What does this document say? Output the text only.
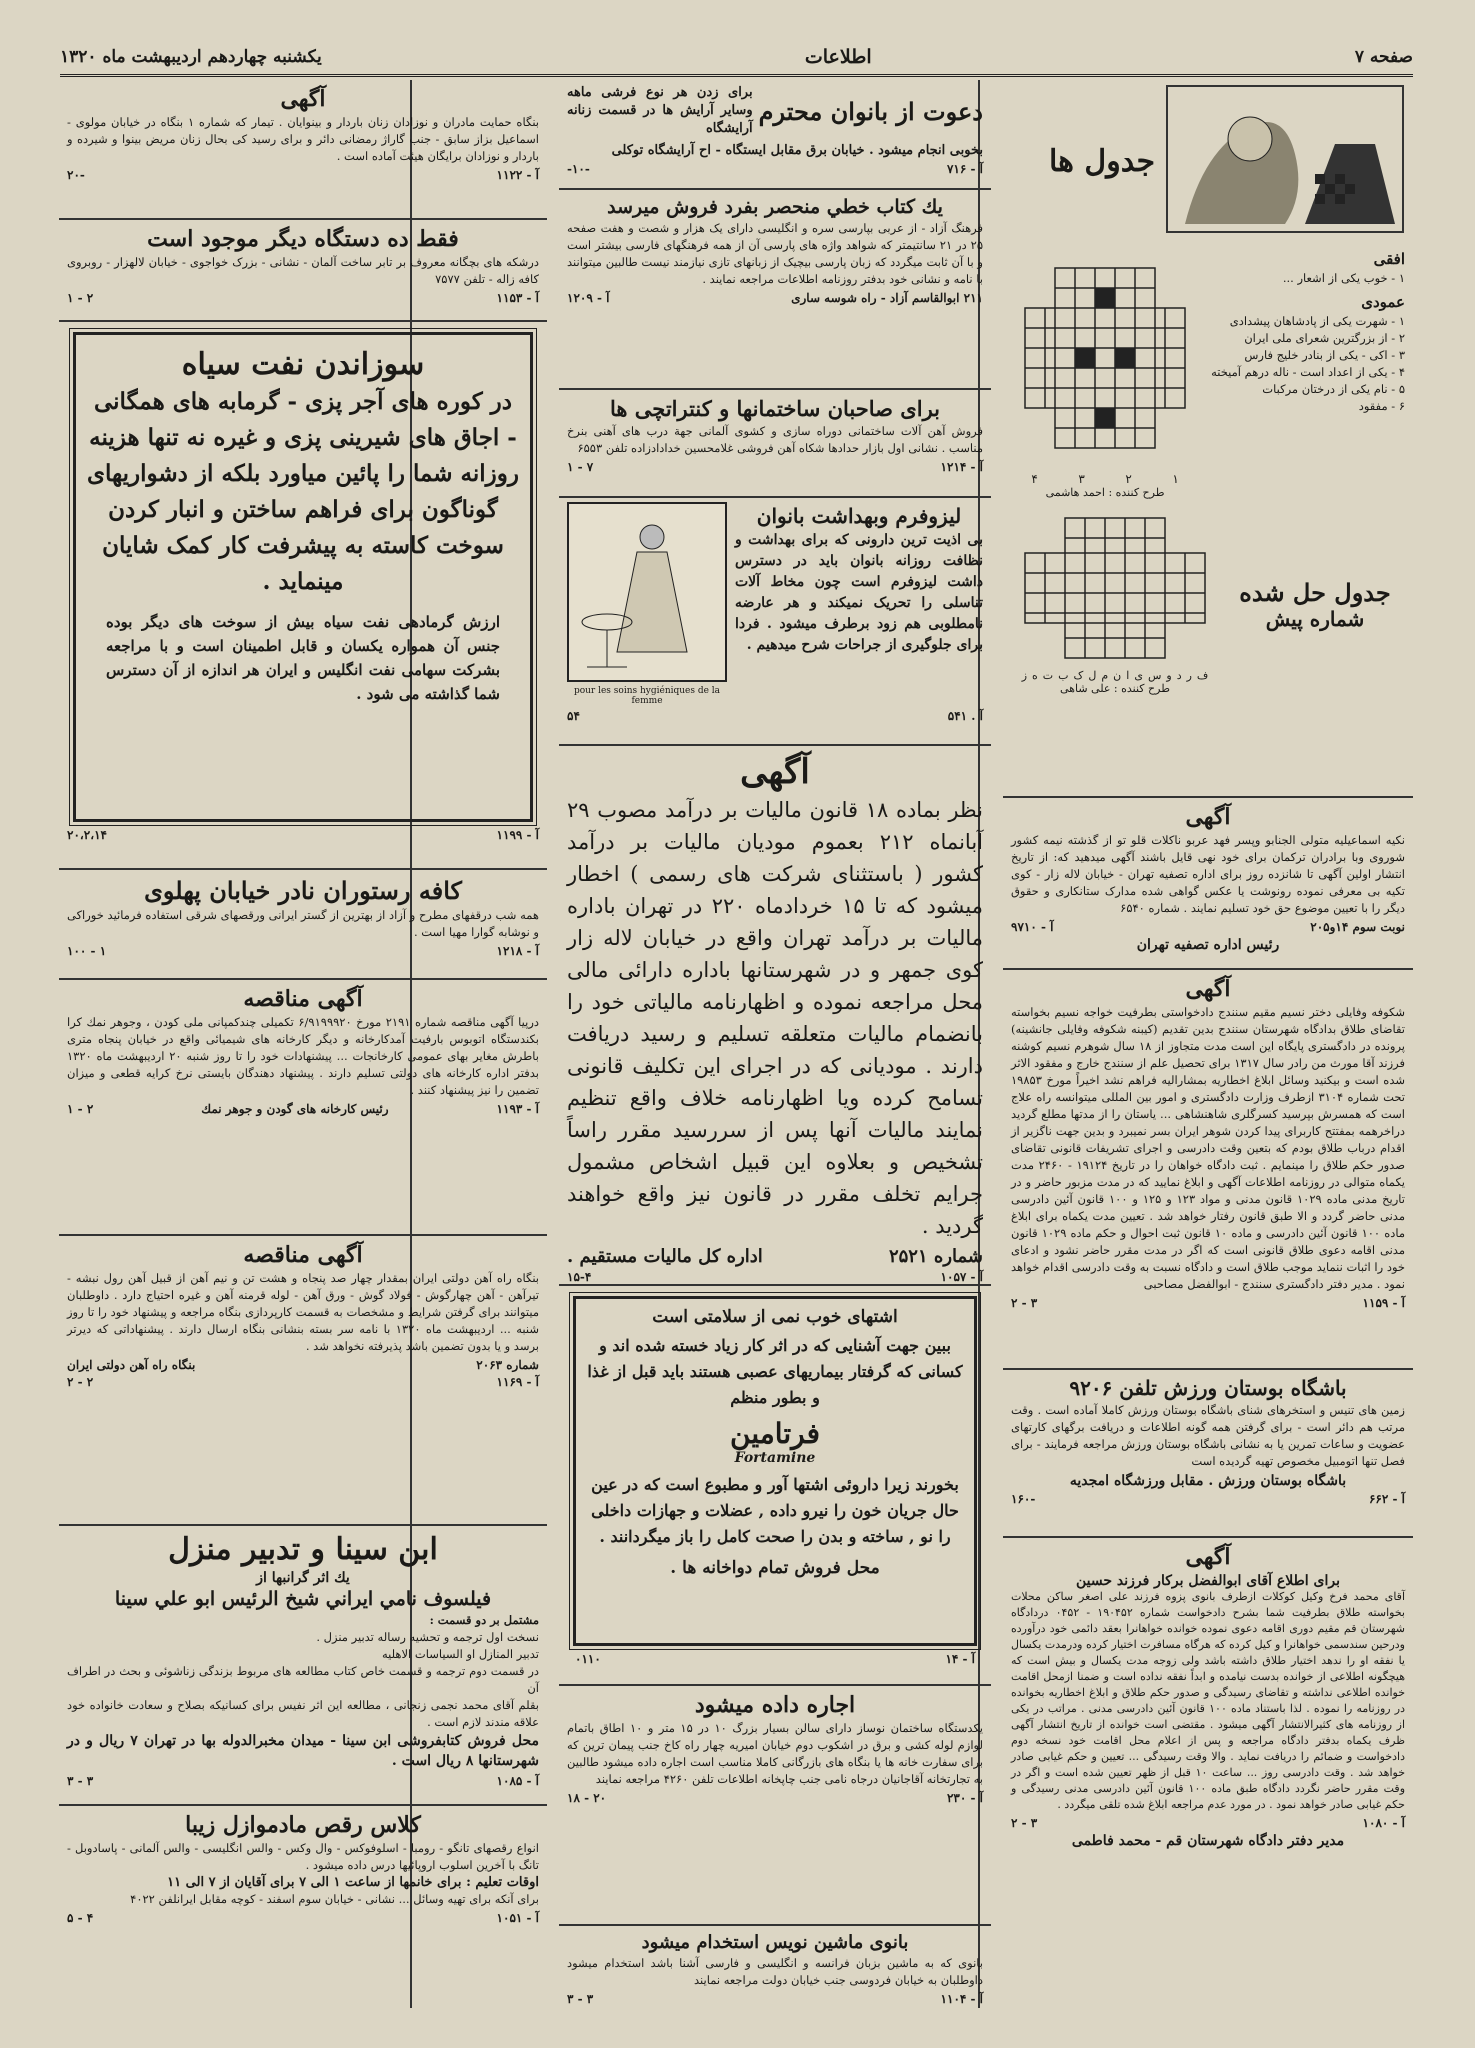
صفحه ۷
اطلاعات
یکشنبه چهاردهم اردیبهشت ماه ۱۳۲۰
جدول ها
افقی
۱ - خوب یکی از اشعار ...
عمودی
۱ - شهرت یکی از پادشاهان پیشدادی
۲ - از بزرگترین شعرای ملی ایران
۳ - اکی - یکی از بنادر خلیج فارس
۴ - یکی از اعداد است - ناله درهم آمیخته
۵ - نام یکی از درختان مرکبات
۶ - مفقود
۱
۲
۳
۴
طرح کننده : احمد هاشمی
جدول حل شده
شماره پیش
ف
ر
د
و
س
ی
ا
ن
م
ل
ک
ب
ت
ه
ز
طرح کننده : علی شاهی
آگهی
نکیه اسماعیلیه متولی الجنابو وپسر فهد عربو ناکلات قلو تو از گذشته نیمه کشور شوروی وبا برادران ترکمان برای خود نهی قایل باشند آگهی میدهید که: از تاریخ انتشار اولین آگهی تا شانزده روز برای اداره تصفیه تهران - خیابان لاله زار - کوی تکیه بی معرفی نموده رونوشت یا عکس گواهی شده مدارک ستانکاری و حقوق دیگر را با تعیین موضوع حق خود تسلیم نمایند . شماره ۶۵۴۰
نوبت سوم ۱۴و۲۰۵
آ - ۹۷۱۰
رئیس اداره تصفیه تهران
آگهی
شکوفه وفایلی دختر نسیم مقیم سنندج دادخواستی بطرفیت خواجه نسیم بخواسته تقاضای طلاق بدادگاه شهرستان سنندج بدین تقدیم (کیبنه شکوفه وفایلی جانشینه) پرونده در دادگستری پایگاه این است مدت متجاوز از ۱۸ سال شوهرم نسیم کوشنه فرزند آقا مورث من رادر سال ۱۳۱۷ برای تحصیل علم از سنندج خارج و مفقود الاثر شده است و بیکنید وسائل ابلاغ اخطاریه بمشارالیه فراهم نشد اخیراً مورخ ۱۹۸۵۳ تحت شماره ۳۱۰۴ ازطرف وزارت دادگستری و امور بین المللی میتوانسه راه علاج است که همسرش بپرسید کسرگلری شاهنشاهی ... یاستان را از مدتها مطلع گردید دراخرهمه بمفتتح کاربرای پیدا کردن شوهر ایران بسر نمیبرد و بدین جهت ناگزیر از اقدام درباب طلاق بودم که بتعین وقت دادرسی و اجرای تشریفات قانونی تقاضای صدور حکم طلاق را مینمایم . ثبت دادگاه خواهان را در تاریخ ۱۹۱۲۴ - ۲۴۶۰ مدت یکماه متوالی در روزنامه اطلاعات آگهی و ابلاغ نمایید که در مدت مزبور حاضر و در تاریخ مدنی ماده ۱۰۲۹ قانون مدنی و مواد ۱۲۳ و ۱۲۵ و ۱۰۰ قانون آئین دادرسی مدنی حاضر گردد و الا طبق قانون رفتار خواهد شد . تعیین مدت یکماه برای ابلاغ ماده ۱۰۰ قانون آئین دادرسی و ماده ۱۰ قانون ثبت احوال و حکم ماده ۱۰۲۹ قانون مدنی اقامه دعوی طلاق قانونی است که اگر در مدت مقرر حاضر نشود و ادعای خود را اثبات ننماید موجب طلاق است و دادگاه نسبت به وقت دادرسی اقدام خواهد نمود . مدیر دفتر دادگستری سنندج - ابوالفضل مصاحبی
آ - ۱۱۵۹
۳ - ۲
باشگاه بوستان ورزش تلفن ۹۲۰۶
زمین های تنیس و استخرهای شنای باشگاه بوستان ورزش کاملا آماده است . وقت مرتب هم دائر است - برای گرفتن همه گونه اطلاعات و دریافت برگهای کارتهای عضویت و ساعات تمرین یا به نشانی باشگاه بوستان ورزش مراجعه فرمایند - برای فصل تنها اتومبیل مخصوص تهیه گردیده است
باشگاه بوستان ورزش . مقابل ورزشگاه امجدیه
آ - ۶۶۲
-۱۶۰
آگهی
برای اطلاع آقای ابوالفضل برکار فرزند حسین
آقای محمد فرخ وکیل کوکلات ازطرف بانوی پزوه فرزند علی اصغر ساکن محلات بخواسته طلاق بطرفیت شما بشرح دادخواست شماره ۱۹۰۴۵۲ - ۰۴۵۲ دردادگاه شهرستان قم مقیم دوری اقامه دعوی نموده خوانده خواهانرا بعقد دائمی خود درآورده ودرحین سندسمی خواهانرا و کیل کرده که هرگاه مسافرت اختیار کرده ودرمدت یکسال یا نفقه او را ندهد اختیار طلاق داشته باشد ولی زوجه مدت یکسال و بیش است که هیچگونه اطلاعی از خوانده بدست نیامده و ابداً نفقه نداده است و ضمنا ازمحل اقامت خوانده اطلاعی نداشته و تقاضای رسیدگی و صدور حکم طلاق و ابلاغ اخطاریه بخوانده در روزنامه را نموده . لذا باستناد ماده ۱۰۰ قانون آئین دادرسی مدنی . مراتب در یکی از روزنامه های کثیرالانتشار آگهی میشود . مقتضی است خوانده از تاریخ انتشار آگهی ظرف یکماه بدفتر دادگاه مراجعه و پس از اعلام محل اقامت خود نسخه دوم دادخواست و ضمائم را دریافت نماید . والا وقت رسیدگی ... تعیین و حکم غیابی صادر خواهد شد . وقت دادرسی روز ... ساعت ۱۰ قبل از ظهر تعیین شده است و اگر در وقت مقرر حاضر نگردد دادگاه طبق ماده ۱۰۰ قانون آئین دادرسی مدنی رسیدگی و حکم غیابی صادر خواهد نمود . در مورد عدم مراجعه ابلاغ شده تلقی میگردد .
آ - ۱۰۸۰
۳ - ۲
مدیر دفتر دادگاه شهرستان قم - محمد فاطمی
دعوت از بانوان محترم
برای زدن هر نوع فرشی ماهه وسایر آرایش ها در قسمت زنانه آرایشگاه
بخوبی انجام میشود . خیابان برق مقابل ایستگاه - اح آرایشگاه توکلی
آ - ۷۱۶
-۱۰-
یك كتاب خطي منحصر بفرد فروش ميرسد
فرهنگ آزاد - از عربی بپارسی سره و انگلیسی دارای یک هزار و شصت و هفت صفحه ۲۵ در ۲۱ سانتیمتر که شواهد واژه های پارسی آن از همه فرهنگهای فارسی بیشتر است و با آن ثابت میگردد که زبان پارسی بیچیک از زبانهای تازی نیازمند نیست طالبین میتوانند با نامه و نشانی خود بدفتر روزنامه اطلاعات مراجعه نمایند .
۲۱۱ ابوالقاسم آزاد - راه شوسه ساری
آ - ۱۲۰۹
براى صاحبان ساختمانها و كنتراتچى ها
فروش آهن آلات ساختمانی دوراه سازی و کشوی آلمانی جهة درب های آهنی بنرخ مناسب . نشانی اول بازار حدادها شکاه آهن فروشی غلامحسین خدادادزاده تلفن ۶۵۵۳
آ - ۱۲۱۴
۷ - ۱
لیزوفرم وبهداشت بانوان
بی اذیت ترین دارونی که برای بهداشت و نظافت روزانه بانوان باید در دسترس داشت لیزوفرم است چون مخاط آلات تناسلی را تحریک نمیکند و هر عارضه نامطلوبی هم زود برطرف میشود . فردا برای جلوگیری از جراحات شرح میدهیم .
pour les soins hygiéniques de la femme
آ . ۵۴۱
۵۴
آگهی
نظر بماده ۱۸ قانون مالیات بر درآمد مصوب ۲۹ آبانماه ۲۱۲ بعموم مودیان مالیات بر درآمد کشور ( باستثنای شرکت های رسمی ) اخطار میشود که تا ۱۵ خردادماه ۲۲۰ در تهران باداره مالیات بر درآمد تهران واقع در خیابان لاله زار کوی جمهر و در شهرستانها باداره دارائی مالی محل مراجعه نموده و اظهارنامه مالیاتی خود را بانضمام مالیات متعلقه تسلیم و رسید دریافت دارند . مودیانی که در اجرای این تکلیف قانونی تسامح کرده ویا اظهارنامه خلاف واقع تنظیم نمایند مالیات آنها پس از سررسید مقرر راساً تشخیص و بعلاوه این قبیل اشخاص مشمول جرایم تخلف مقرر در قانون نیز واقع خواهند گردید .
شماره ۲۵۲۱
اداره کل مالیات مستقیم .
آ - ۱۰۵۷
۱۵-۴
اشتهای خوب نمی از سلامتی است
ببین جهت آشنایی که در اثر کار زیاد خسته شده اند و کسانی که گرفتار بیماریهای عصبی هستند باید قبل از غذا و بطور منظم
فرتامین
Fortamine
بخورند زیرا داروئی اشتها آور و مطبوع است که در عین حال جریان خون را نیرو داده , عضلات و جهازات داخلی را نو , ساخته و بدن را صحت کامل را باز میگردانند .
محل فروش تمام دواخانه ها .
آ - ۱۴
۰۱۱۰
اجاره داده ميشود
یکدستگاه ساختمان نوساز دارای سالن بسیار بزرگ ۱۰ در ۱۵ متر و ۱۰ اطاق باتمام لوازم لوله کشی و برق در اشکوب دوم خیابان امیریه چهار راه کاخ جنب پیمان ترین که برای سفارت خانه ها یا بنگاه های بازرگانی کاملا مناسب است اجاره داده میشود طالبین به تجارتخانه آقاجانیان درجاه نامی جنب چاپخانه اطلاعات تلفن ۴۲۶۰ مراجعه نمایند
آ - ۲۳۰
۲۰ - ۱۸
بانوی ماشین نویس استخدام میشود
بانوی که به ماشین بزبان فرانسه و انگلیسی و فارسی آشنا باشد استخدام میشود داوطلبان به خیابان فردوسی جنب خیابان دولت مراجعه نمایند
آ - ۱۱۰۴
۳ - ۳
آگهی
بنگاه حمایت مادران و نوزادان زنان باردار و بینوایان . تیمار که شماره ۱ بنگاه در خیابان مولوی - اسماعیل بزاز سابق - جنب گاراژ رمضانی دائر و برای رسید کی بحال زنان مریض بینوا و شیرده و باردار و نوزادان برایگان هیئت آماده است .
آ - ۱۱۲۲
-۲۰
فقط ده دستگاه دیگر موجود است
درشکه های بچگانه معروف بر تابر ساخت آلمان - نشانی - بزرک خواجوی - خیابان لالهزار - روبروی کافه زاله - تلفن ۷۵۷۷
آ - ۱۱۵۳
۲ - ۱
سوزاندن نفت سیاه
در کوره های آجر پزی - گرمابه های همگانی - اجاق های شیرینی پزی و غیره نه تنها هزینه روزانه شما را پائین میاورد بلکه از دشواریهای گوناگون برای فراهم ساختن و انبار کردن سوخت کاسته به پیشرفت کار کمک شایان مینماید .
ارزش گرمادهی نفت سیاه بیش از سوخت های دیگر بوده جنس آن همواره یکسان و قابل اطمینان است و با مراجعه بشرکت سهامی نفت انگلیس و ایران هر اندازه از آن دسترس شما گذاشته می شود .
آ - ۱۱۹۹
۲۰،۲،۱۴
کافه رستوران نادر خیابان پهلوی
همه شب درقفهای مطرح و آزاد از بهترین از گستر ایرانی ورقصهای شرقی استفاده فرمائید خوراکی و نوشابه گوارا مهیا است .
آ - ۱۲۱۸
۱ - ۱۰۰
آگهی مناقصه
درپیا آگهی مناقصه شماره ۲۱۹۱ مورخ ۶/۹۱۹۹۹۲۰ تکمیلی چندکمپانی ملی کودن ، وجوهر نمك کرا بکندستگاه اتوبوس بارفیت آمدکارخانه و دیگر کارخانه های شیمیائی واقع در خیابان پنجاه متری باطرش مغایر بهای عمومی کارخانجات ... پیشنهادات خود را تا روز شنبه ۲۰ اردیبهشت ماه ۱۳۲۰ بدفتر اداره کارخانه های دولتی تسلیم دارند . پیشنهاد دهندگان بایستی نرخ کرایه قطعی و میزان تضمین را نیز پیشنهاد کنند .
آ - ۱۱۹۳
رئیس کارخانه های گودن و جوهر نمك
۲ - ۱
آگهی مناقصه
بنگاه راه آهن دولتی ایران بمقدار چهار صد پنجاه و هشت تن و نیم آهن از قبیل آهن رول نبشه - تیرآهن - آهن چهارگوش - فولاد گوش - ورق آهن - لوله قرمنه آهن و غیره احتیاج دارد . داوطلبان میتوانند برای گرفتن شرایط و مشخصات به قسمت کارپردازی بنگاه مراجعه و پیشنهاد خود را تا روز شنبه ... اردیبهشت ماه ۱۳۲۰ با نامه سر بسته بنشانی بنگاه ارسال دارند . پیشنهاداتی که دیرتر برسد و یا بدون تضمین باشد پذیرفته نخواهد شد .
شماره ۲۰۶۳
بنگاه راه آهن دولتی ایران
آ - ۱۱۶۹
۲ - ۲
ابن سینا و تدبیر منزل
یك اثر گرانبها از
فيلسوف نامي ايراني شيخ الرئيس ابو علي سينا
مشتمل بر دو قسمت :
نسخت اول ترجمه و تحشیه رساله تدبیر منزل .
تدبیر المنازل او السیاسات الاهلیه
در قسمت دوم ترجمه و قسمت خاص کتاب مطالعه های مربوط بزندگی زناشوئی و بحث در اطراف آن
بقلم آقای محمد نجمی زنجانی ، مطالعه این اثر نفیس برای کسانیکه بصلاح و سعادت خانواده خود علاقه مندند لازم است .
محل فروش کتابفروشی ابن سینا - میدان مخبرالدوله بها در تهران ۷ ریال و در شهرستانها ۸ ریال است .
آ - ۱۰۸۵
۳ - ۳
كلاس رقص مادموازل زيبا
انواع رقصهای تانگو - رومبا - اسلوفوکس - وال وکس - والس انگلیسی - والس آلمانی - پاسادوبل - تانگ با آخرین اسلوب اروپائیها درس داده میشود .
اوقات تعلیم : برای خانمها از ساعت ۱ الی ۷ برای آقایان از ۷ الی ۱۱
برای آنکه برای تهیه وسائل ... نشانی - خیابان سوم اسفند - کوچه مقابل ایرانلفن ۴۰۲۲
آ - ۱۰۵۱
۴ - ۵
